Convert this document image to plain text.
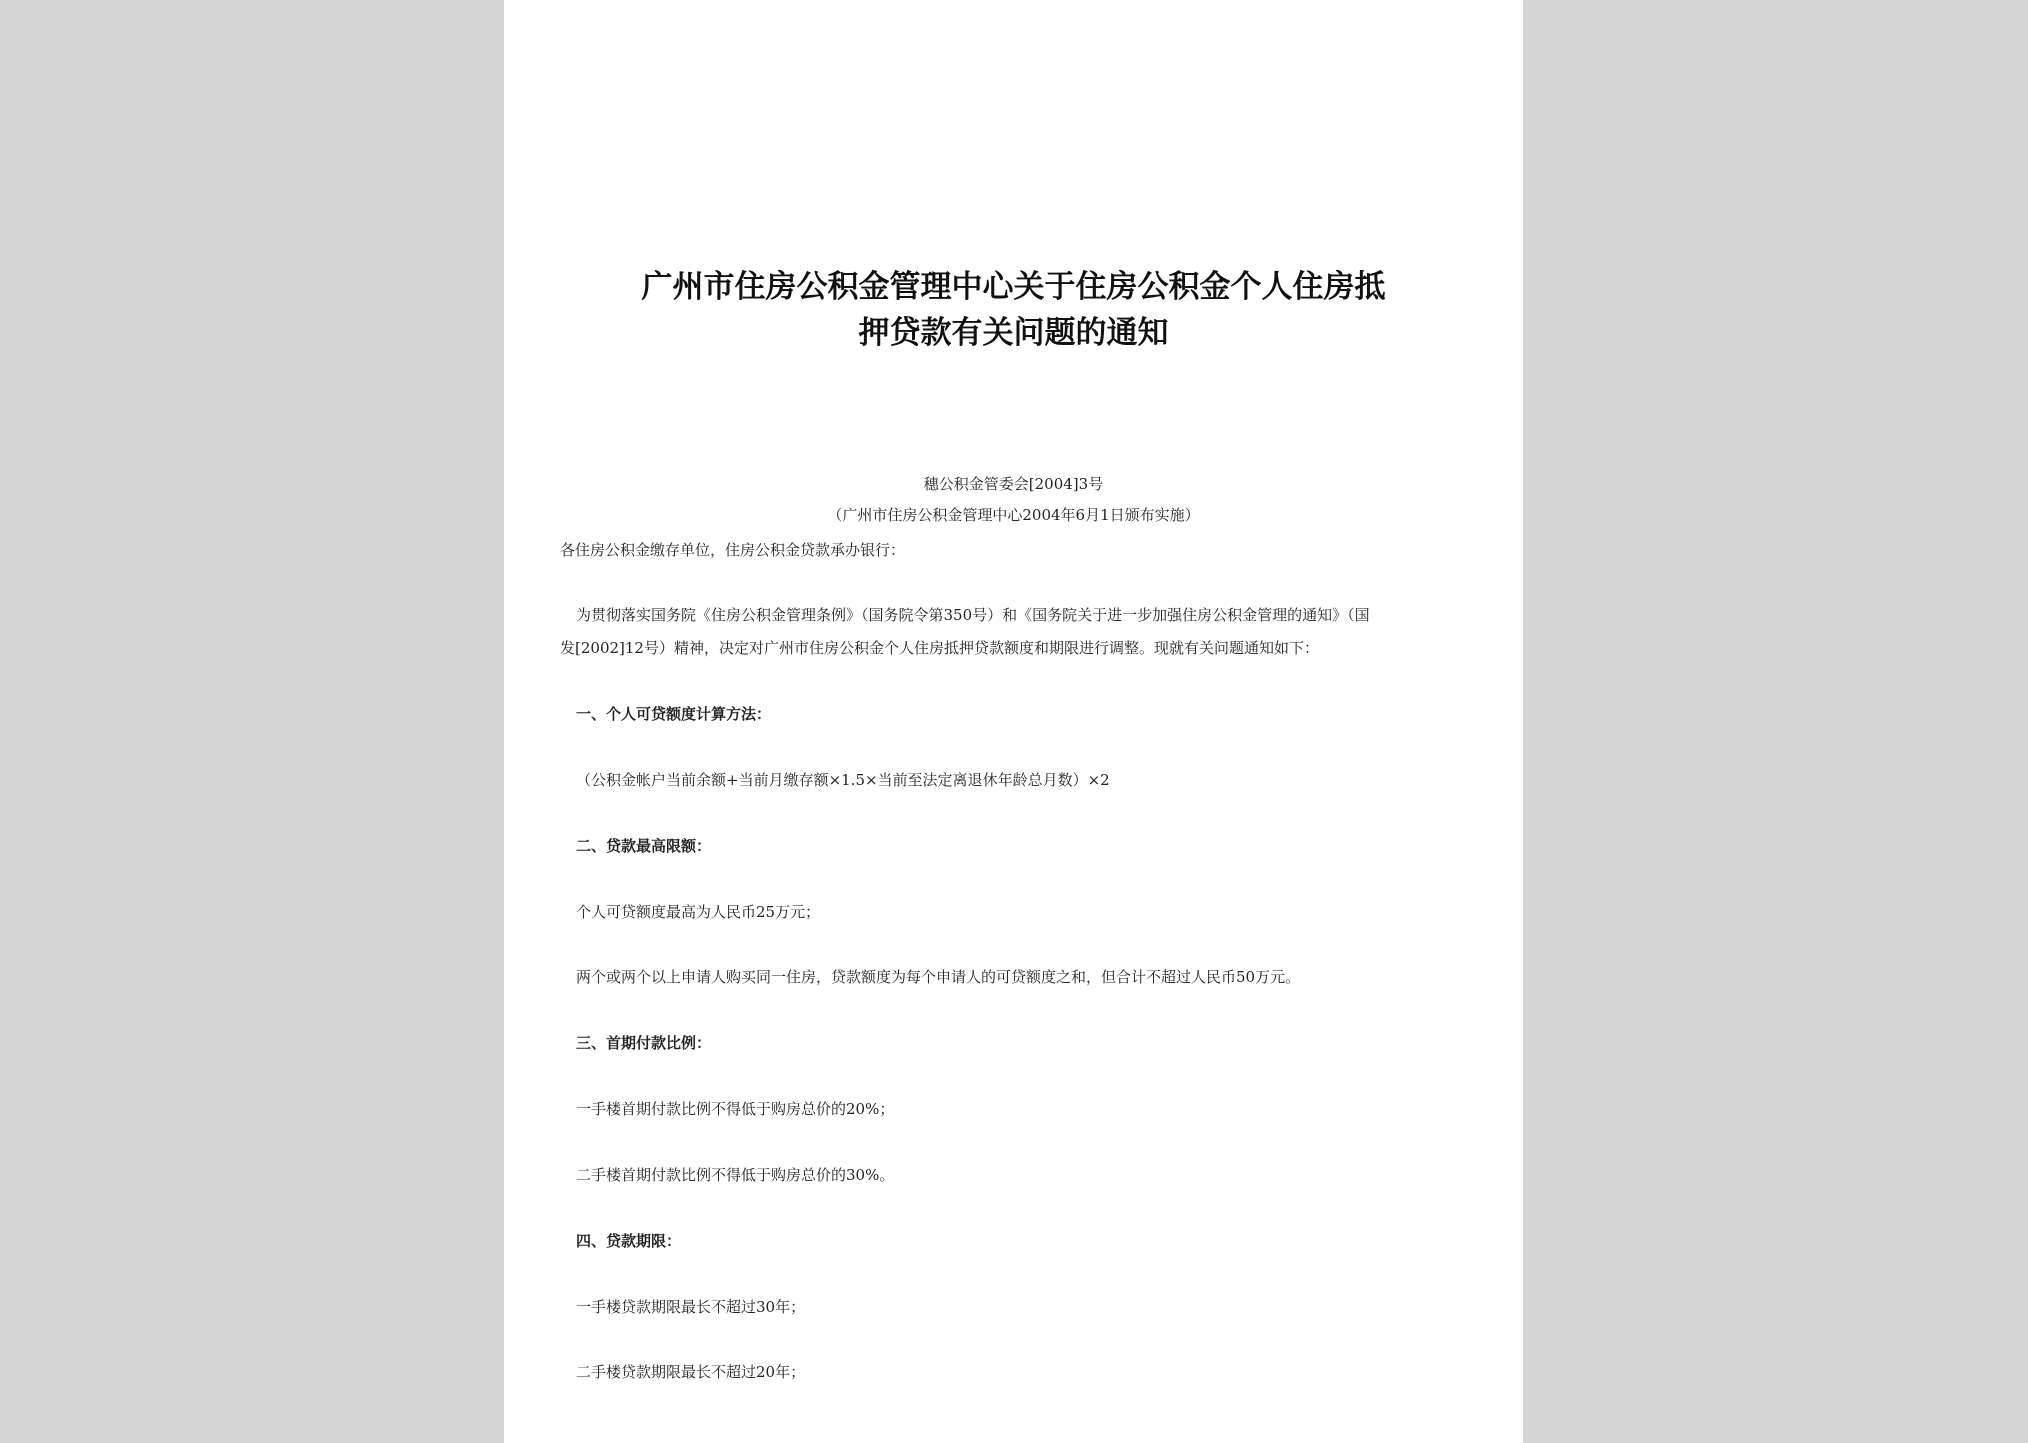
广州市住房公积金管理中心关于住房公积金个人住房抵
押贷款有关问题的通知
穗公积金管委会[2004]3号
（广州市住房公积金管理中心2004年6月1日颁布实施）
各住房公积金缴存单位，住房公积金贷款承办银行：
为贯彻落实国务院《住房公积金管理条例》（国务院令第350号）和《国务院关于进一步加强住房公积金管理的通知》（国
发[2002]12号）精神，决定对广州市住房公积金个人住房抵押贷款额度和期限进行调整。现就有关问题通知如下：
一、个人可贷额度计算方法：
（公积金帐户当前余额+当前月缴存额×1.5×当前至法定离退休年龄总月数）×2
二、贷款最高限额：
个人可贷额度最高为人民币25万元；
两个或两个以上申请人购买同一住房，贷款额度为每个申请人的可贷额度之和，但合计不超过人民币50万元。
三、首期付款比例：
一手楼首期付款比例不得低于购房总价的20%；
二手楼首期付款比例不得低于购房总价的30%。
四、贷款期限：
一手楼贷款期限最长不超过30年；
二手楼贷款期限最长不超过20年；
